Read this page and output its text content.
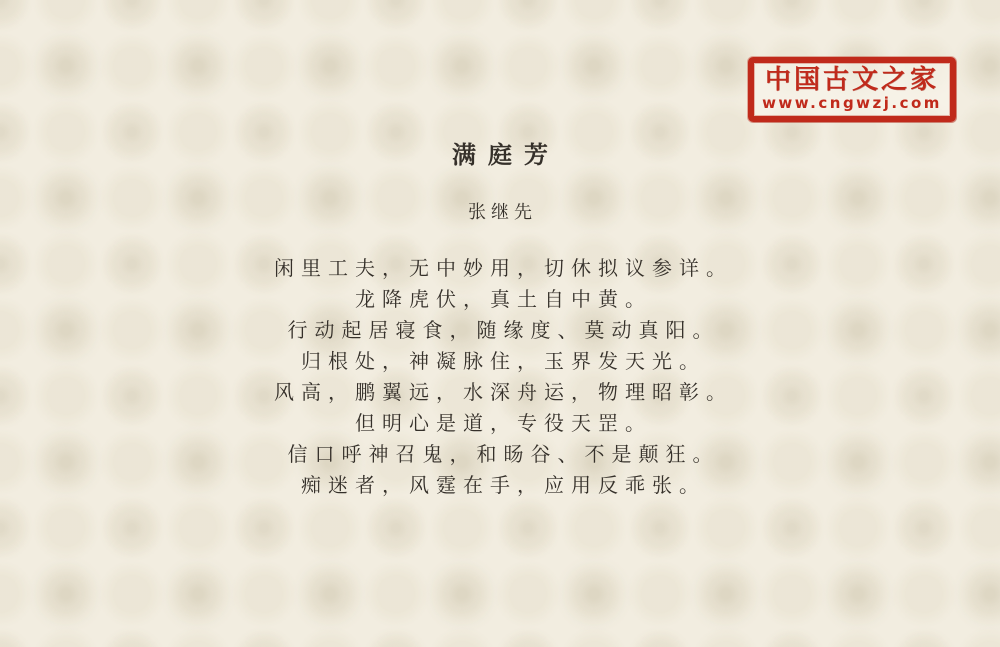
中国古文之家
www.cngwzj.com
满庭芳
张继先
闲里工夫，无中妙用，切休拟议参详。
龙降虎伏，真土自中黄。
行动起居寝食，随缘度、莫动真阳。
归根处，神凝脉住，玉界发天光。
风高，鹏翼远，水深舟运，物理昭彰。
但明心是道，专役天罡。
信口呼神召鬼，和旸谷、不是颠狂。
痴迷者，风霆在手，应用反乖张。
